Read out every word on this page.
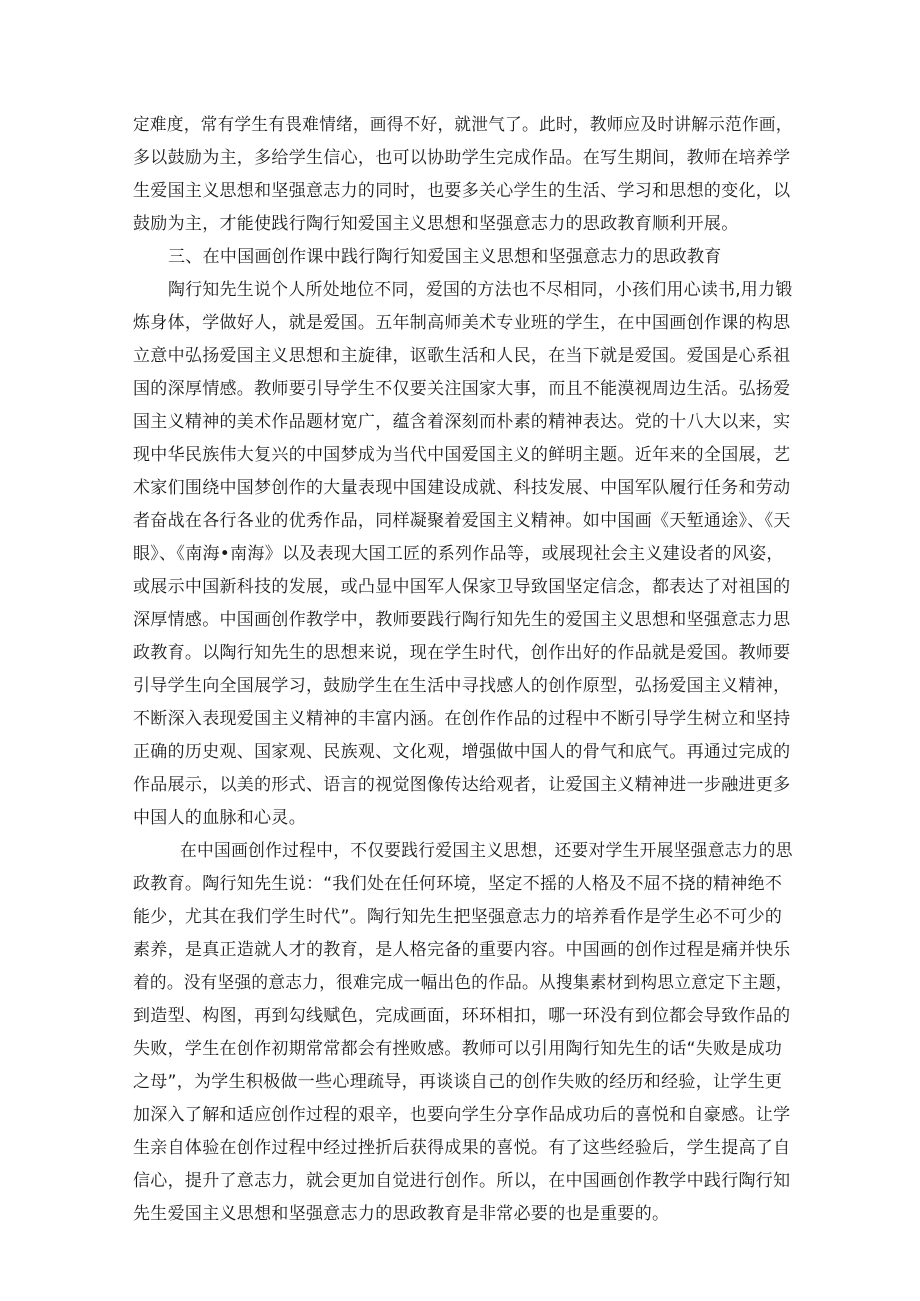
定难度，常有学生有畏难情绪，画得不好，就泄气了。此时，教师应及时讲解示范作画，
多以鼓励为主，多给学生信心，也可以协助学生完成作品。在写生期间，教师在培养学
生爱国主义思想和坚强意志力的同时，也要多关心学生的生活、学习和思想的变化，以
鼓励为主，才能使践行陶行知爱国主义思想和坚强意志力的思政教育顺利开展。
三、在中国画创作课中践行陶行知爱国主义思想和坚强意志力的思政教育
陶行知先生说个人所处地位不同，爱国的方法也不尽相同，小孩们用心读书,用力锻
炼身体，学做好人，就是爱国。五年制高师美术专业班的学生，在中国画创作课的构思
立意中弘扬爱国主义思想和主旋律，讴歌生活和人民，在当下就是爱国。爱国是心系祖
国的深厚情感。教师要引导学生不仅要关注国家大事，而且不能漠视周边生活。弘扬爱
国主义精神的美术作品题材宽广，蕴含着深刻而朴素的精神表达。党的十八大以来，实
现中华民族伟大复兴的中国梦成为当代中国爱国主义的鲜明主题。近年来的全国展，艺
术家们围绕中国梦创作的大量表现中国建设成就、科技发展、中国军队履行任务和劳动
者奋战在各行各业的优秀作品，同样凝聚着爱国主义精神。如中国画《天堑通途》、《天
眼》、《南海•南海》以及表现大国工匠的系列作品等，或展现社会主义建设者的风姿，
或展示中国新科技的发展，或凸显中国军人保家卫导致国坚定信念，都表达了对祖国的
深厚情感。中国画创作教学中，教师要践行陶行知先生的爱国主义思想和坚强意志力思
政教育。以陶行知先生的思想来说，现在学生时代，创作出好的作品就是爱国。教师要
引导学生向全国展学习，鼓励学生在生活中寻找感人的创作原型，弘扬爱国主义精神，
不断深入表现爱国主义精神的丰富内涵。在创作作品的过程中不断引导学生树立和坚持
正确的历史观、国家观、民族观、文化观，增强做中国人的骨气和底气。再通过完成的
作品展示，以美的形式、语言的视觉图像传达给观者，让爱国主义精神进一步融进更多
中国人的血脉和心灵。
在中国画创作过程中，不仅要践行爱国主义思想，还要对学生开展坚强意志力的思
政教育。陶行知先生说：“我们处在任何环境，坚定不摇的人格及不屈不挠的精神绝不
能少，尤其在我们学生时代”。陶行知先生把坚强意志力的培养看作是学生必不可少的
素养，是真正造就人才的教育，是人格完备的重要内容。中国画的创作过程是痛并快乐
着的。没有坚强的意志力，很难完成一幅出色的作品。从搜集素材到构思立意定下主题，
到造型、构图，再到勾线赋色，完成画面，环环相扣，哪一环没有到位都会导致作品的
失败，学生在创作初期常常都会有挫败感。教师可以引用陶行知先生的话“失败是成功
之母”，为学生积极做一些心理疏导，再谈谈自己的创作失败的经历和经验，让学生更
加深入了解和适应创作过程的艰辛，也要向学生分享作品成功后的喜悦和自豪感。让学
生亲自体验在创作过程中经过挫折后获得成果的喜悦。有了这些经验后，学生提高了自
信心，提升了意志力，就会更加自觉进行创作。所以，在中国画创作教学中践行陶行知
先生爱国主义思想和坚强意志力的思政教育是非常必要的也是重要的。
